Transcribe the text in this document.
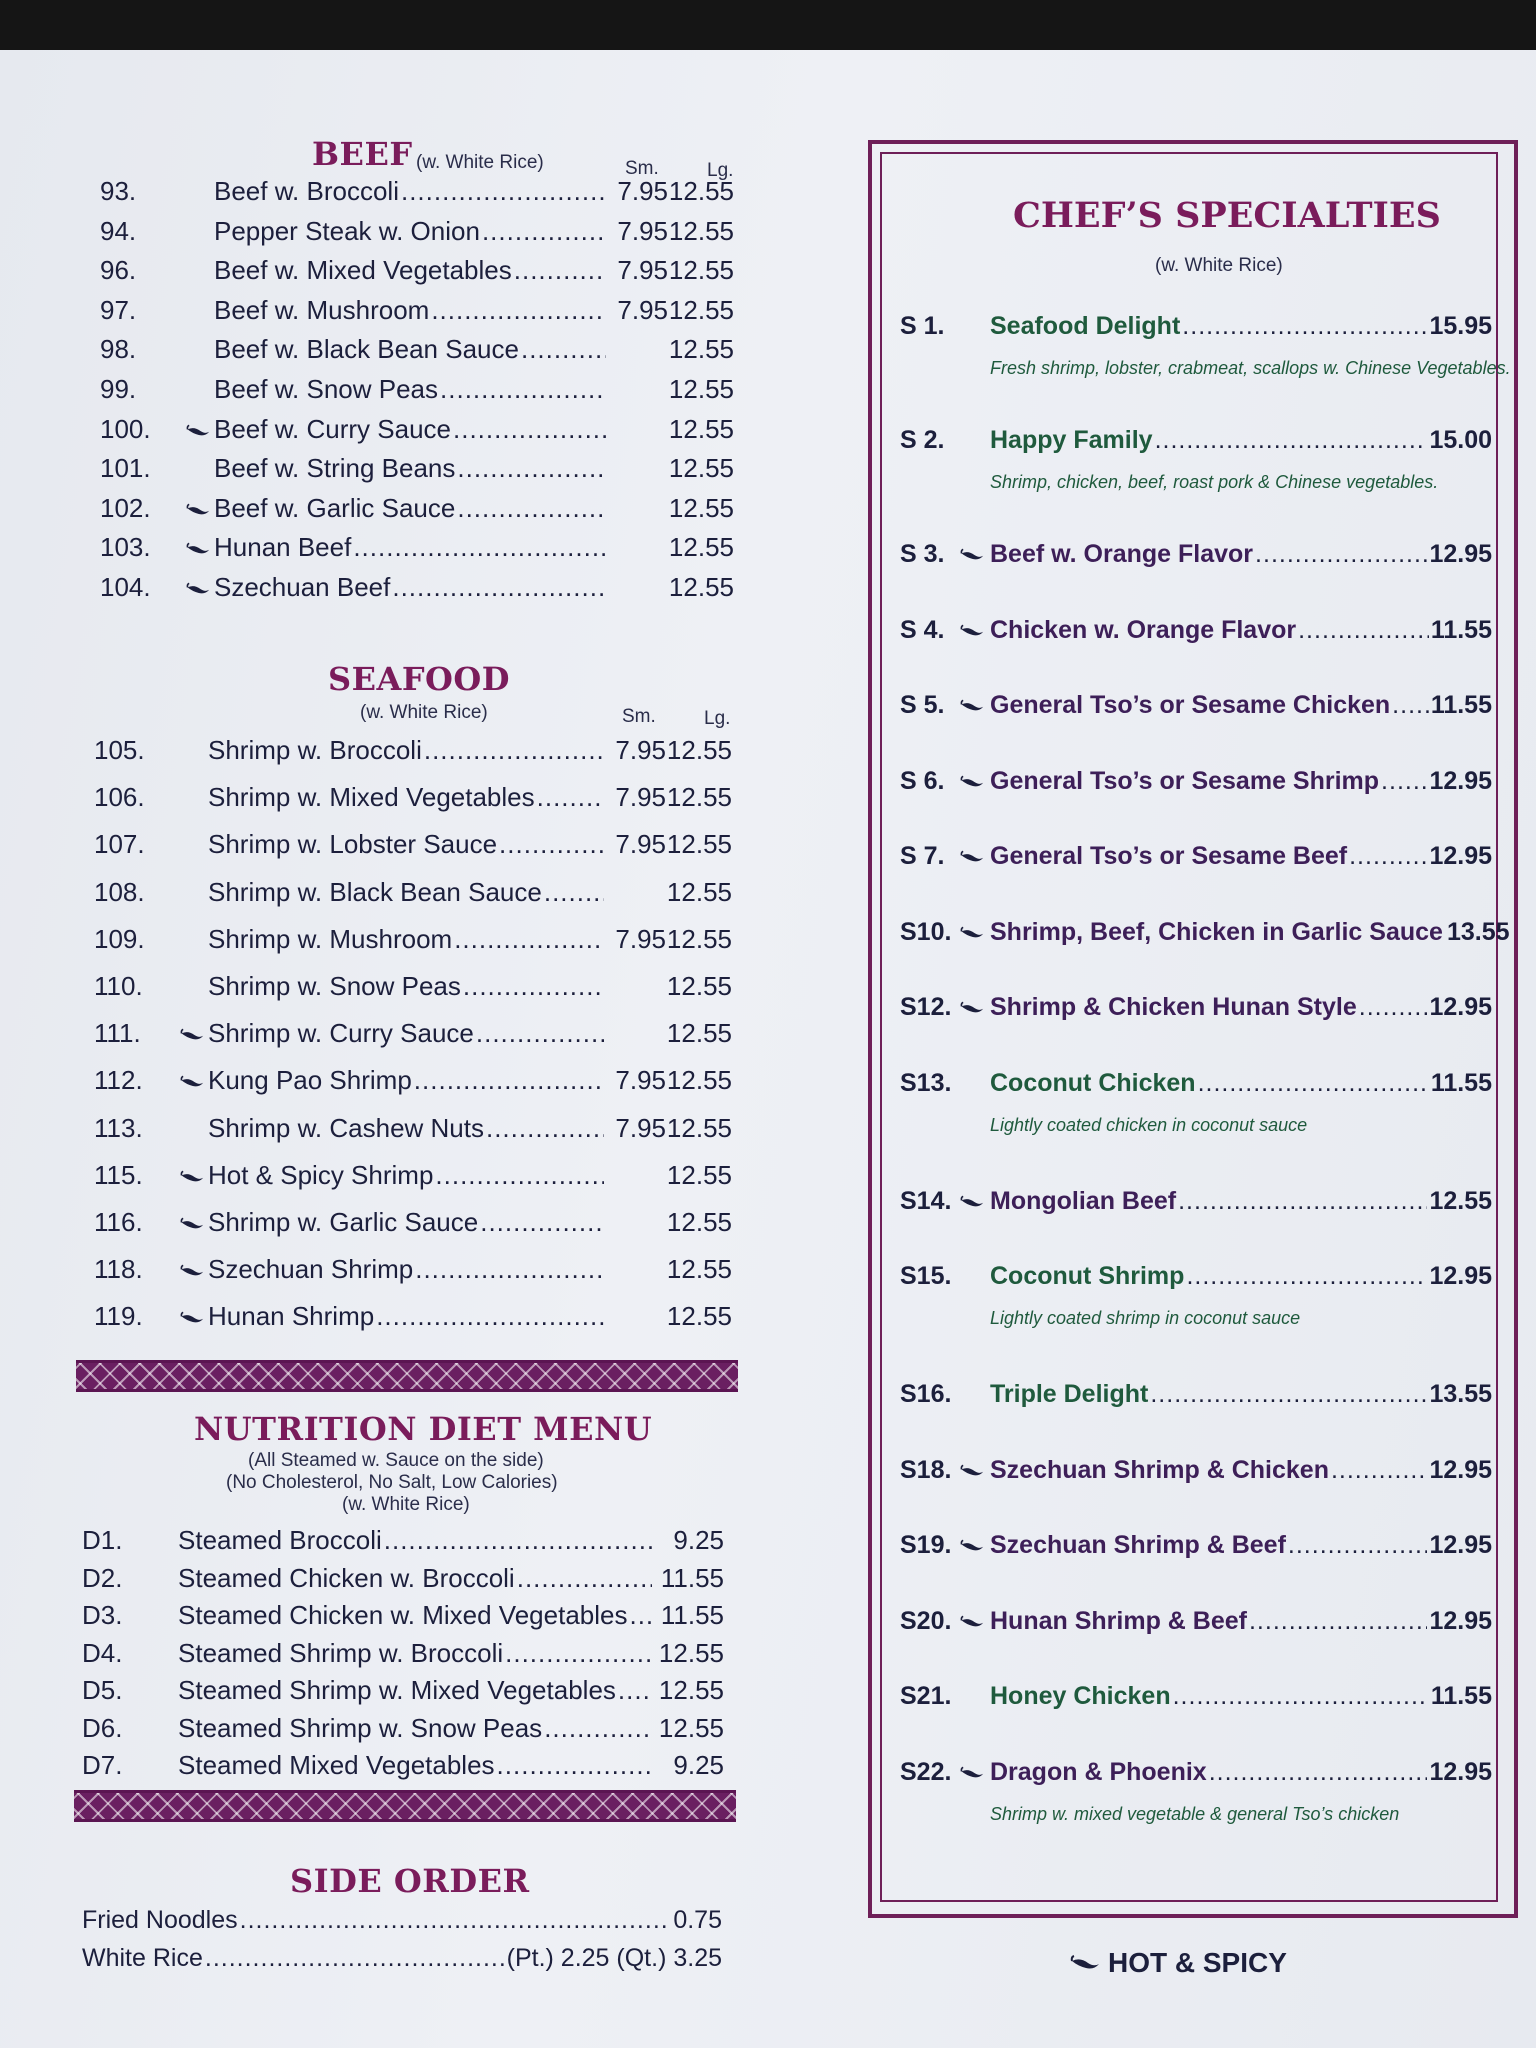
BEEF (w. White Rice)	Sm.	Lg.
93.	Beef w. Broccoli .....	7.95 12.55
94.	Pepper Steak w. Onion .....	7.95 12.55
96.	Beef w. Mixed Vegetables .....	7.95 12.55
97.	Beef w. Mushroom .....	7.95 12.55
98.	Beef w. Black Bean Sauce .....	12.55
99.	Beef w. Snow Peas .....	12.55
100.	Beef w. Curry Sauce .....	12.55
101.	Beef w. String Beans .....	12.55
102.	Beef w. Garlic Sauce .....	12.55
103.	Hunan Beef .....	12.55
104.	Szechuan Beef .....	12.55
SEAFOOD
(w. White Rice)	Sm.	Lg.
105.	Shrimp w. Broccoli .....	7.95 12.55
106.	Shrimp w. Mixed Vegetables .....	7.95 12.55
107.	Shrimp w. Lobster Sauce .....	7.95 12.55
108.	Shrimp w. Black Bean Sauce .....	12.55
109.	Shrimp w. Mushroom .....	7.95 12.55
110.	Shrimp w. Snow Peas .....	12.55
111.	Shrimp w. Curry Sauce .....	12.55
112.	Kung Pao Shrimp .....	7.95 12.55
113.	Shrimp w. Cashew Nuts .....	7.95 12.55
115.	Hot & Spicy Shrimp .....	12.55
116.	Shrimp w. Garlic Sauce .....	12.55
118.	Szechuan Shrimp .....	12.55
119.	Hunan Shrimp .....	12.55
NUTRITION DIET MENU
(All Steamed w. Sauce on the side)
(No Cholesterol, No Salt, Low Calories)
(w. White Rice)
D1.	Steamed Broccoli .....	9.25
D2.	Steamed Chicken w. Broccoli .....	11.55
D3.	Steamed Chicken w. Mixed Vegetables ..... 11.55
D4.	Steamed Shrimp w. Broccoli .....	12.55
D5.	Steamed Shrimp w. Mixed Vegetables ..... 12.55
D6.	Steamed Shrimp w. Snow Peas .....	12.55
D7.	Steamed Mixed Vegetables .....	9.25
SIDE ORDER
Fried Noodles .....	0.75
White Rice .....	(Pt.) 2.25 (Qt.) 3.25
CHEF’S SPECIALTIES
(w. White Rice)
S 1.	Seafood Delight .....	15.95
Fresh shrimp, lobster, crabmeat, scallops w. Chinese Vegetables.
S 2.	Happy Family .....	15.00
Shrimp, chicken, beef, roast pork & Chinese vegetables.
S 3.	Beef w. Orange Flavor .....	12.95
S 4.	Chicken w. Orange Flavor .....	11.55
S 5.	General Tso’s or Sesame Chicken ..... 11.55
S 6.	General Tso’s or Sesame Shrimp ..... 12.95
S 7.	General Tso’s or Sesame Beef .....	12.95
S10.	Shrimp, Beef, Chicken in Garlic Sauce 13.55
S12.	Shrimp & Chicken Hunan Style .....	12.95
S13.	Coconut Chicken .....	11.55
Lightly coated chicken in coconut sauce
S14.	Mongolian Beef .....	12.55
S15.	Coconut Shrimp .....	12.95
Lightly coated shrimp in coconut sauce
S16.	Triple Delight .....	13.55
S18.	Szechuan Shrimp & Chicken .....	12.95
S19.	Szechuan Shrimp & Beef .....	12.95
S20.	Hunan Shrimp & Beef .....	12.95
S21.	Honey Chicken .....	11.55
S22.	Dragon & Phoenix .....	12.95
Shrimp w. mixed vegetable & general Tso’s chicken
HOT & SPICY
